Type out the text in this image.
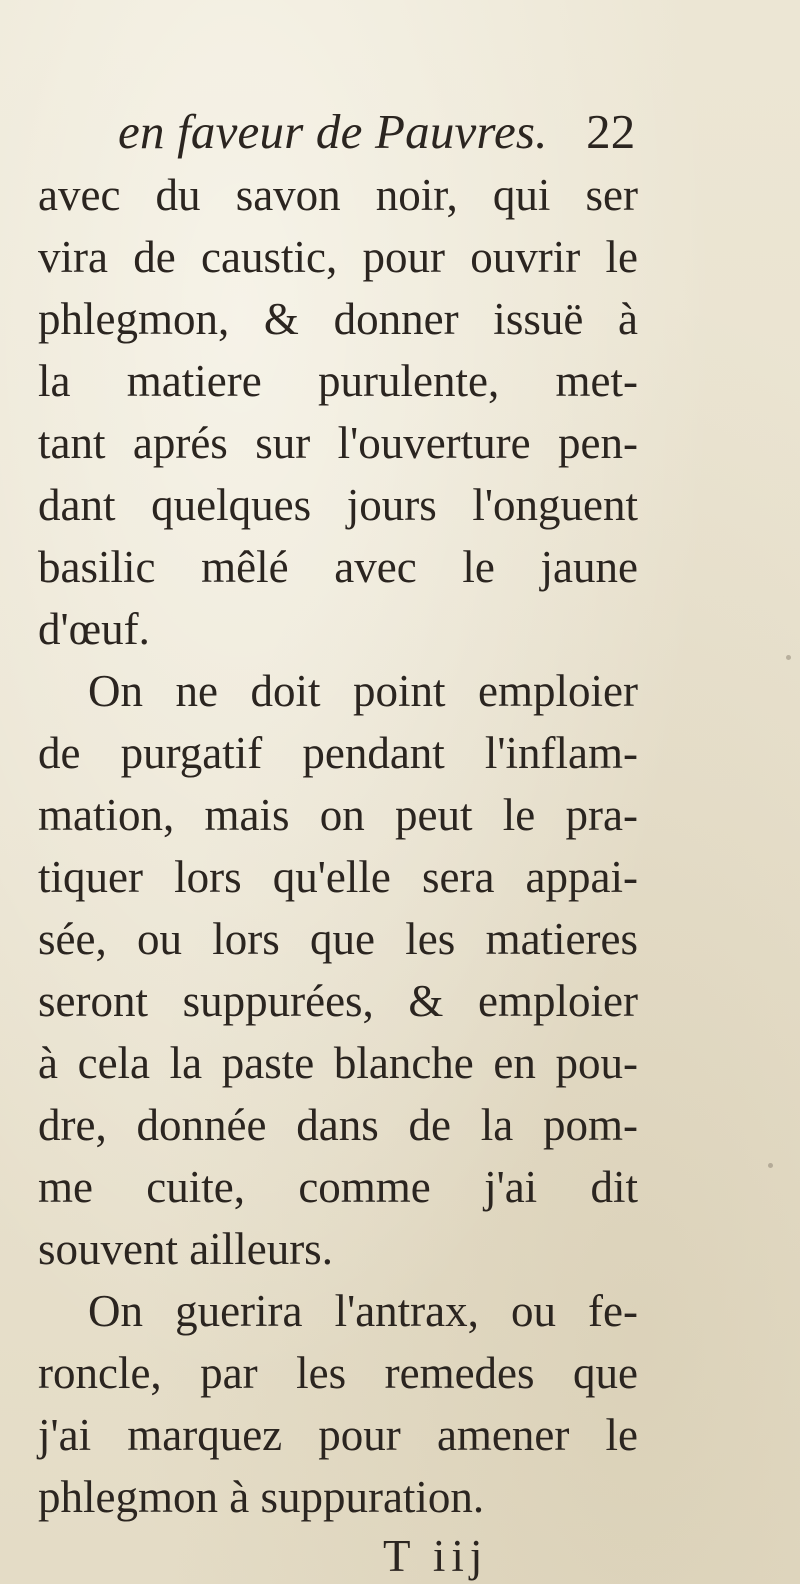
en faveur de Pauvres. 22
avec du savon noir, qui ser
vira de caustic, pour ouvrir le
phlegmon, & donner issuë à
la matiere purulente, met-
tant aprés sur l'ouverture pen-
dant quelques jours l'onguent
basilic mêlé avec le jaune
d'œuf.
On ne doit point emploier
de purgatif pendant l'inflam-
mation, mais on peut le pra-
tiquer lors qu'elle sera appai-
sée, ou lors que les matieres
seront suppurées, & emploier
à cela la paste blanche en pou-
dre, donnée dans de la pom-
me cuite, comme j'ai dit
souvent ailleurs.
On guerira l'antrax, ou fe-
roncle, par les remedes que
j'ai marquez pour amener le
phlegmon à suppuration.
T iij
